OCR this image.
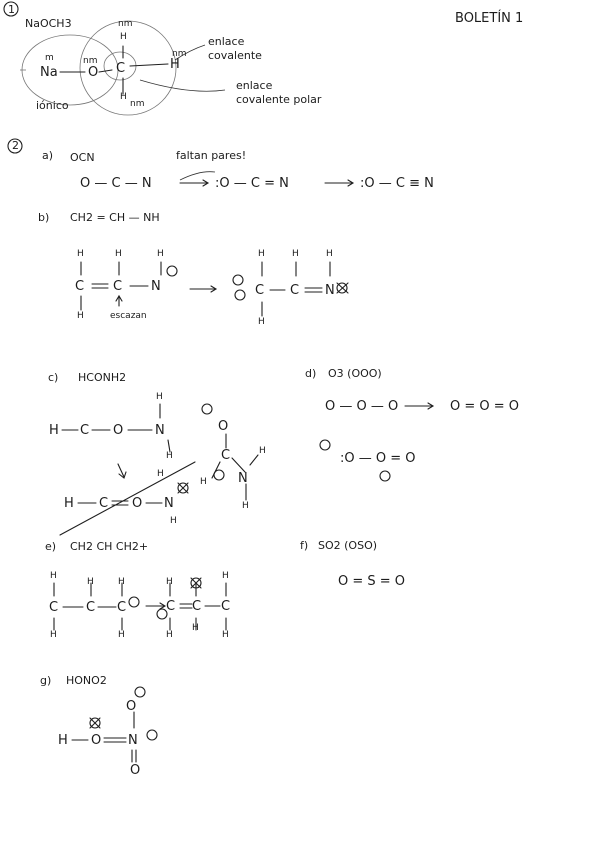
1
BOLETÍN 1
NaOCH3	nm
H
m	nm
nm
Na O C	H
H
nm
iónico
enlace
covalente
enlace
covalente polar
2
a) OCN	faltan pares!
O — C — N	:O — C = N	:O — C ≡ N
b) CH2 = CH — NH
H	H	H
C C N
H	escazan
H	H	H
C C N
H
c) HCONH2
H
H C O N
H
H
H C O N
H
O
C
H N
H
H
d) O3 (OOO)
O — O — O	O = O = O
:O — O = O
e) CH2 CH CH2+
H
H	H
C C C
H	H
H
H
C C C
H
H
H
f) SO2 (OSO)
O = S = O
g) HONO2
O
H O N
O
